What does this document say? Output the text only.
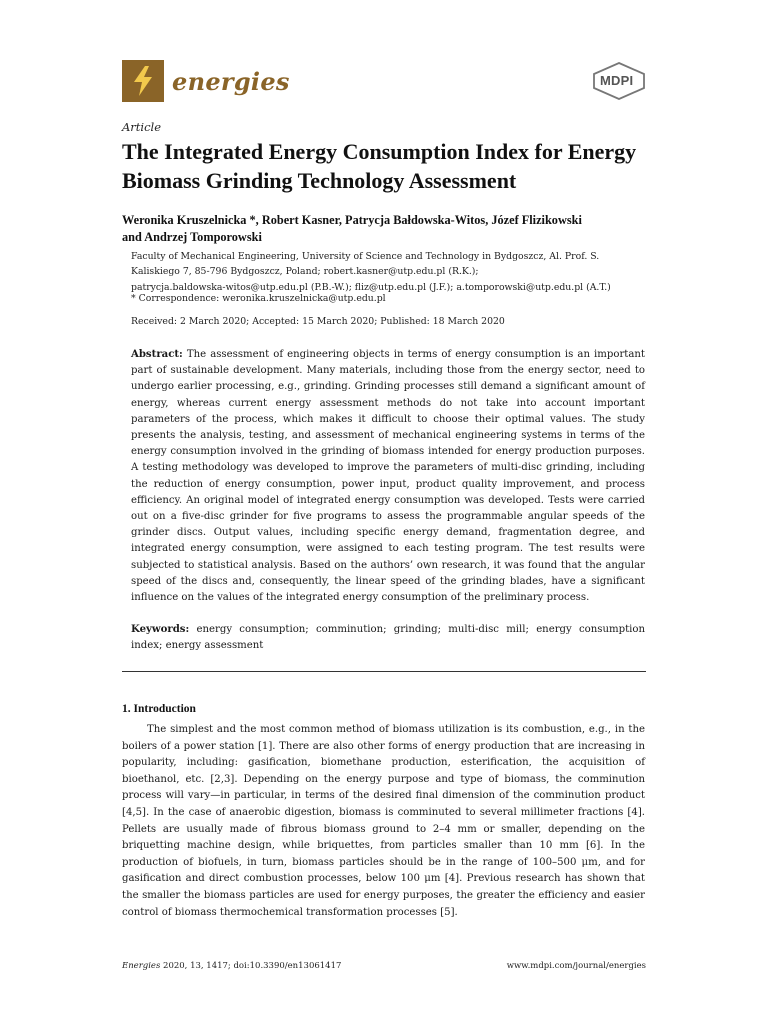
energies	MDPI
Article
The Integrated Energy Consumption Index for Energy Biomass Grinding Technology Assessment
Weronika Kruszelnicka *, Robert Kasner, Patrycja Bałdowska-Witos, Józef Flizikowski
and Andrzej Tomporowski

Faculty of Mechanical Engineering, University of Science and Technology in Bydgoszcz, Al. Prof. S.

Kaliskiego 7, 85-796 Bydgoszcz, Poland; robert.kasner@utp.edu.pl (R.K.);

patrycja.baldowska-witos@utp.edu.pl (P.B.-W.); fliz@utp.edu.pl (J.F.); a.tomporowski@utp.edu.pl (A.T.)

* Correspondence: weronika.kruszelnicka@utp.edu.pl
Received: 2 March 2020; Accepted: 15 March 2020; Published: 18 March 2020
Abstract: The assessment of engineering objects in terms of energy consumption is an important part of sustainable development. Many materials, including those from the energy sector, need to undergo earlier processing, e.g., grinding. Grinding processes still demand a significant amount of energy, whereas current energy assessment methods do not take into account important parameters of the process, which makes it difficult to choose their optimal values. The study presents the analysis, testing, and assessment of mechanical engineering systems in terms of the energy consumption involved in the grinding of biomass intended for energy production purposes. A testing methodology was developed to improve the parameters of multi-disc grinding, including the reduction of energy consumption, power input, product quality improvement, and process efficiency. An original model of integrated energy consumption was developed. Tests were carried out on a five-disc grinder for five programs to assess the programmable angular speeds of the grinder discs. Output values, including specific energy demand, fragmentation degree, and integrated energy consumption, were assigned to each testing program. The test results were subjected to statistical analysis. Based on the authors’ own research, it was found that the angular speed of the discs and, consequently, the linear speed of the grinding blades, have a significant influence on the values of the integrated energy consumption of the preliminary process.
Keywords: energy consumption; comminution; grinding; multi-disc mill; energy consumption index; energy assessment
1. Introduction

The simplest and the most common method of biomass utilization is its combustion, e.g., in the boilers of a power station [1]. There are also other forms of energy production that are increasing in popularity, including: gasification, biomethane production, esterification, the acquisition of bioethanol, etc. [2,3]. Depending on the energy purpose and type of biomass, the comminution process will vary—in particular, in terms of the desired final dimension of the comminution product [4,5]. In the case of anaerobic digestion, biomass is comminuted to several millimeter fractions [4]. Pellets are usually made of fibrous biomass ground to 2–4 mm or smaller, depending on the briquetting machine design, while briquettes, from particles smaller than 10 mm [6]. In the production of biofuels, in turn, biomass particles should be in the range of 100–500 μm, and for gasification and direct combustion processes, below 100 μm [4]. Previous research has shown that the smaller the biomass particles are used for energy purposes, the greater the efficiency and easier control of biomass thermochemical transformation processes [5].

Energies 2020, 13, 1417; doi:10.3390/en13061417	www.mdpi.com/journal/energies
